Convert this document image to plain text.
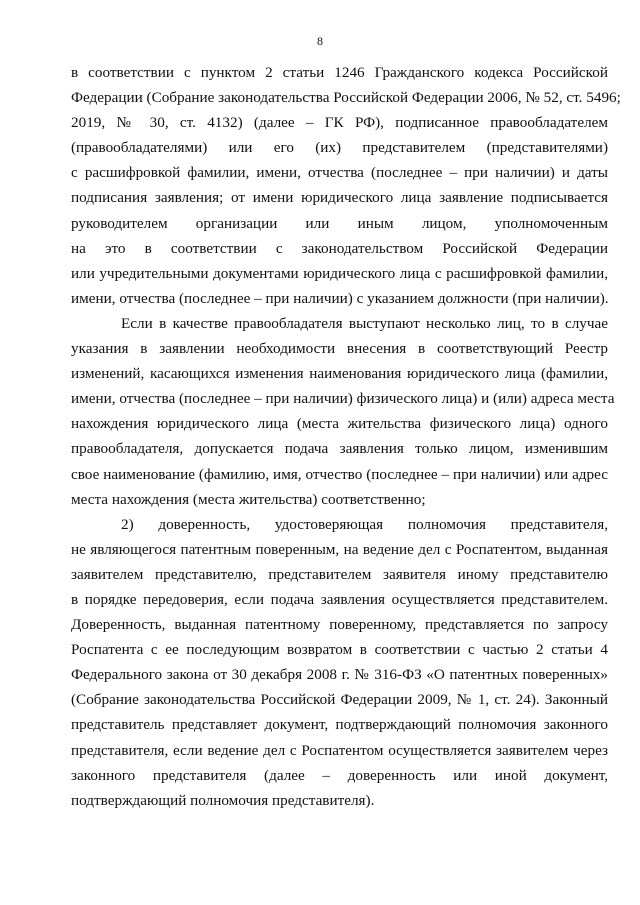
8
в соответствии с пунктом 2 статьи 1246 Гражданского кодекса Российской
Федерации (Собрание законодательства Российской Федерации 2006, № 52, ст. 5496;
2019, № 30, ст. 4132) (далее – ГК РФ), подписанное правообладателем
(правообладателями) или его (их) представителем (представителями)
с расшифровкой фамилии, имени, отчества (последнее – при наличии) и даты
подписания заявления; от имени юридического лица заявление подписывается
руководителем организации или иным лицом, уполномоченным
на это в соответствии с законодательством Российской Федерации
или учредительными документами юридического лица с расшифровкой фамилии,
имени, отчества (последнее – при наличии) с указанием должности (при наличии).
Если в качестве правообладателя выступают несколько лиц, то в случае
указания в заявлении необходимости внесения в соответствующий Реестр
изменений, касающихся изменения наименования юридического лица (фамилии,
имени, отчества (последнее – при наличии) физического лица) и (или) адреса места
нахождения юридического лица (места жительства физического лица) одного
правообладателя, допускается подача заявления только лицом, изменившим
свое наименование (фамилию, имя, отчество (последнее – при наличии) или адрес
места нахождения (места жительства) соответственно;
2) доверенность, удостоверяющая полномочия представителя,
не являющегося патентным поверенным, на ведение дел с Роспатентом, выданная
заявителем представителю, представителем заявителя иному представителю
в порядке передоверия, если подача заявления осуществляется представителем.
Доверенность, выданная патентному поверенному, представляется по запросу
Роспатента с ее последующим возвратом в соответствии с частью 2 статьи 4
Федерального закона от 30 декабря 2008 г. № 316-ФЗ «О патентных поверенных»
(Собрание законодательства Российской Федерации 2009, № 1, ст. 24). Законный
представитель представляет документ, подтверждающий полномочия законного
представителя, если ведение дел с Роспатентом осуществляется заявителем через
законного представителя (далее – доверенность или иной документ,
подтверждающий полномочия представителя).
